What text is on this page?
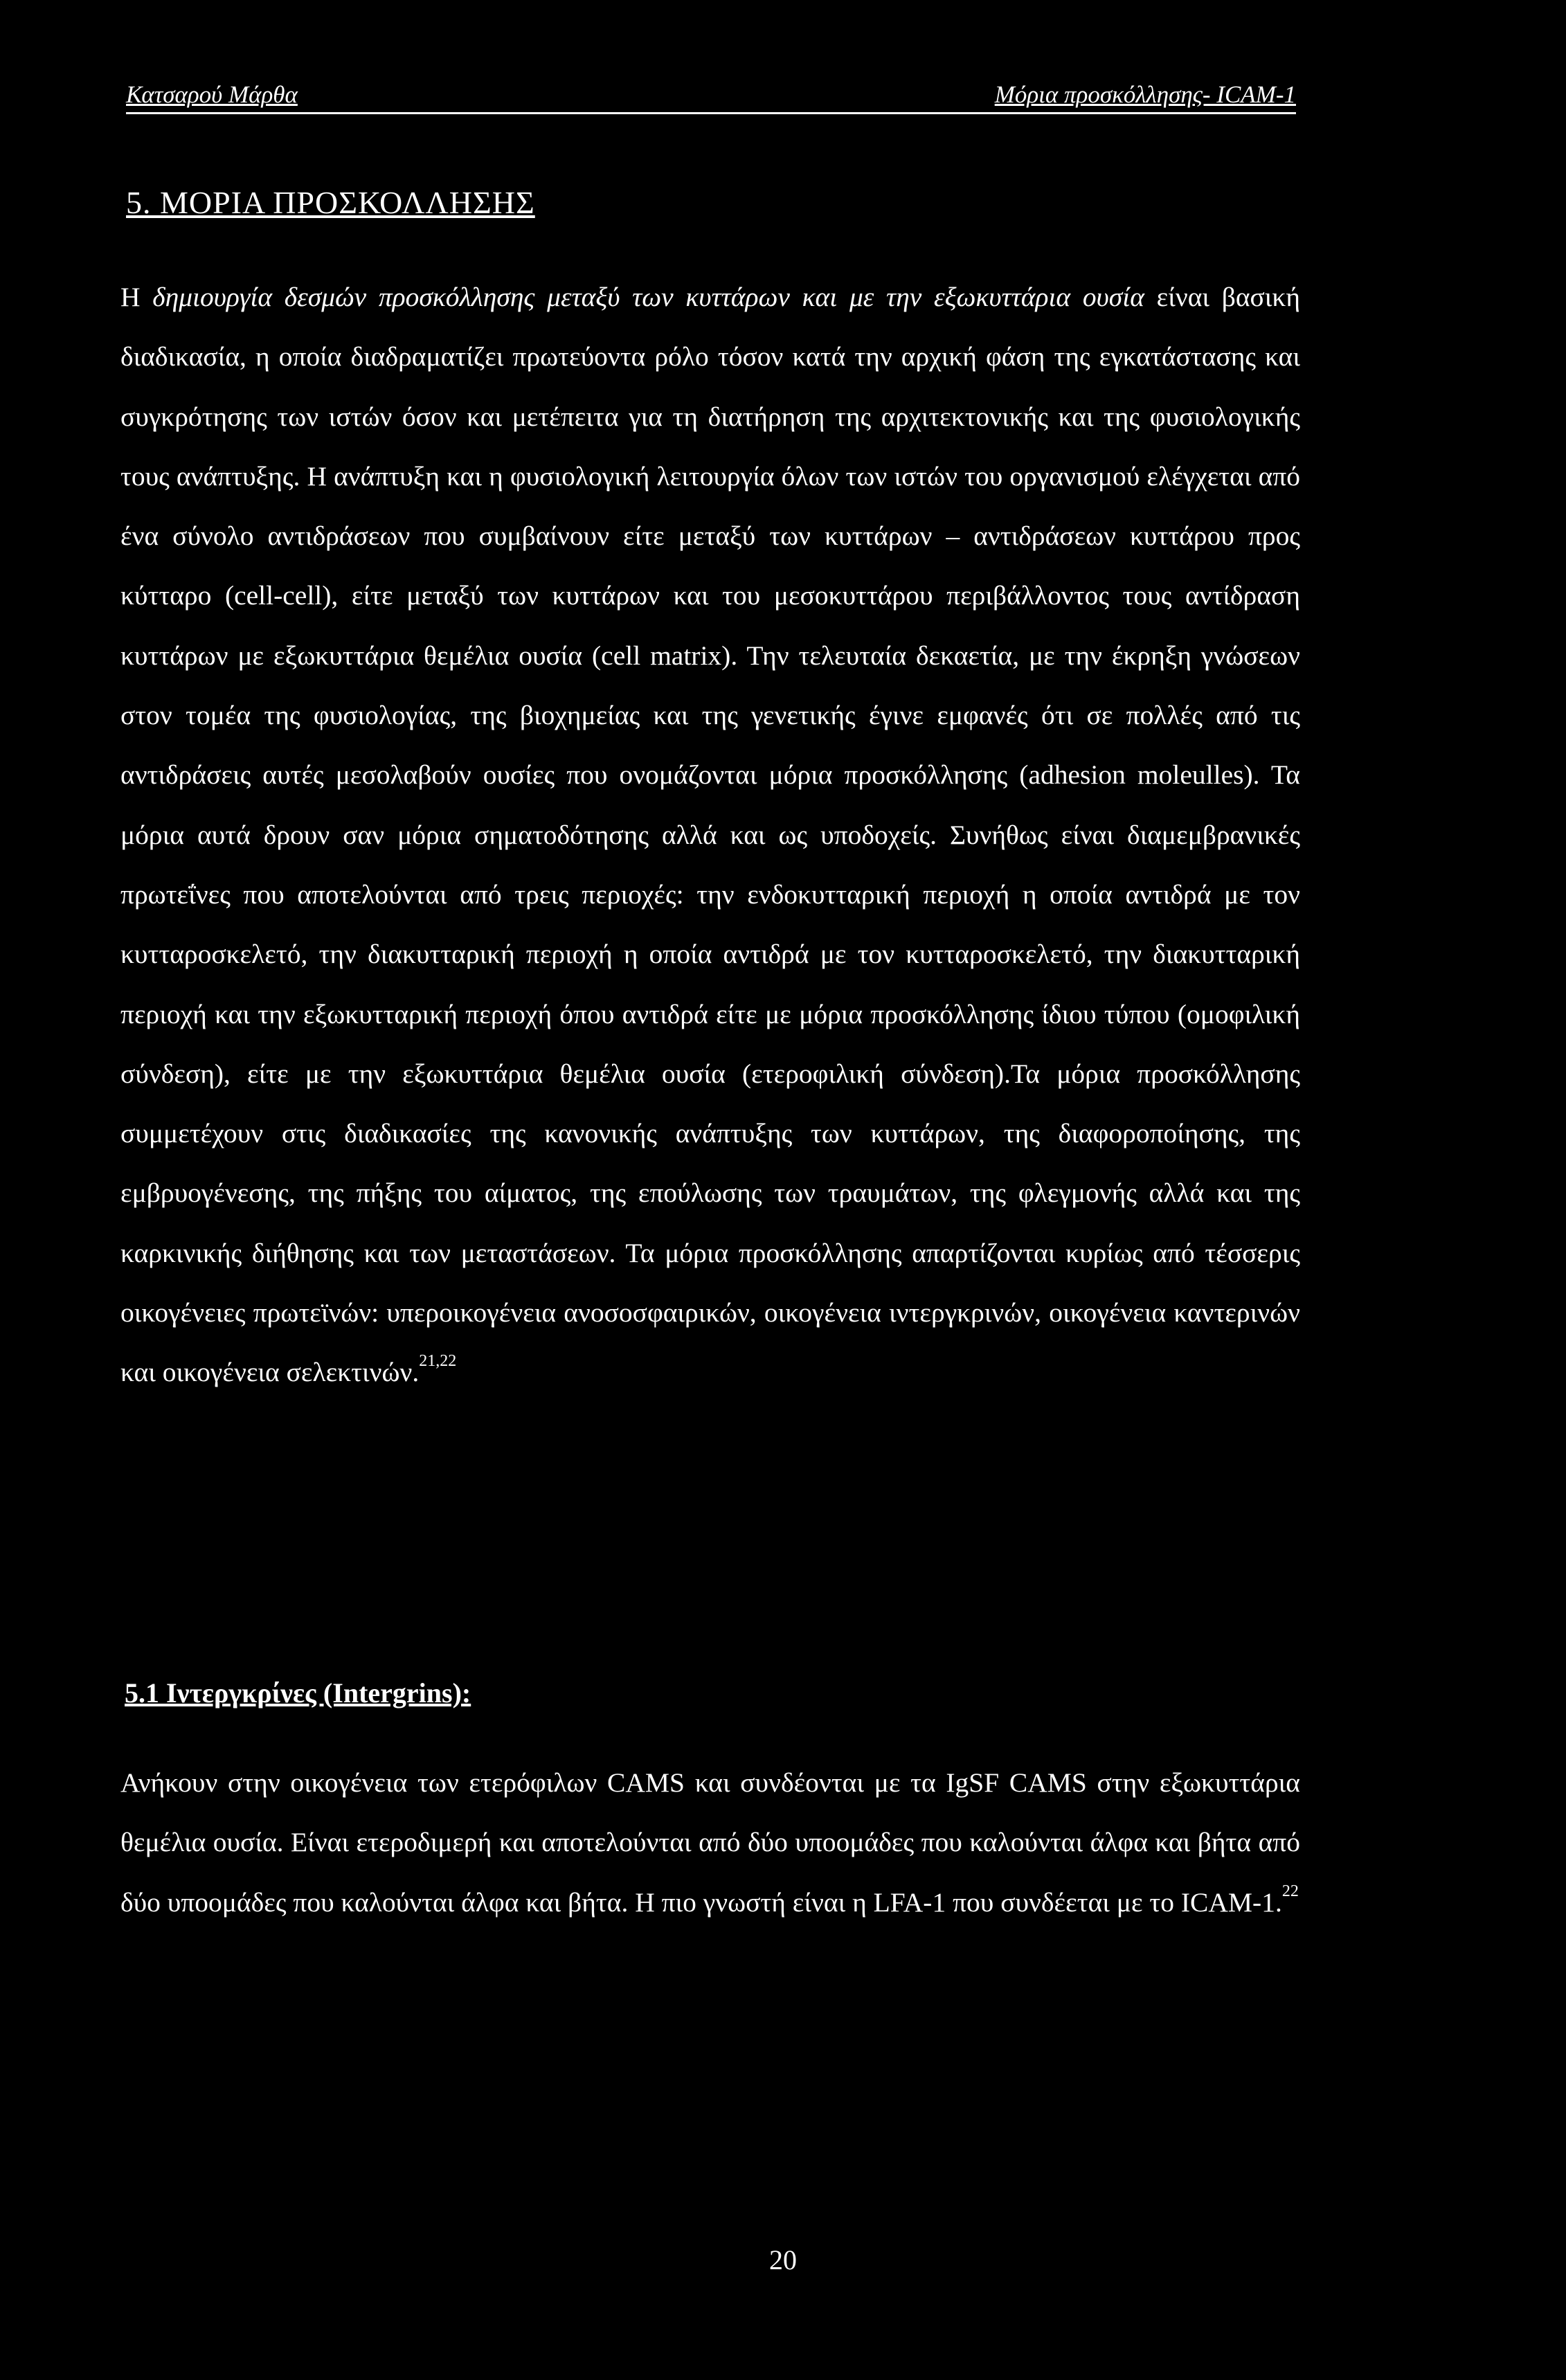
Κατσαρού Μάρθα	Μόρια προσκόλλησης- ICAM-1
5. ΜΟΡΙΑ ΠΡΟΣΚΟΛΛΗΣΗΣ
Η δημιουργία δεσμών προσκόλλησης μεταξύ των κυττάρων και με την εξωκυττάρια ουσία είναι βασική διαδικασία, η οποία διαδραματίζει πρωτεύοντα ρόλο τόσον κατά την αρχική φάση της εγκατάστασης και συγκρότησης των ιστών όσον και μετέπειτα για τη διατήρηση της αρχιτεκτονικής και της φυσιολογικής τους ανάπτυξης. Η ανάπτυξη και η φυσιολογική λειτουργία όλων των ιστών του οργανισμού ελέγχεται από ένα σύνολο αντιδράσεων που συμβαίνουν είτε μεταξύ των κυττάρων – αντιδράσεων κυττάρου προς κύτταρο (cell-cell), είτε μεταξύ των κυττάρων και του μεσοκυττάρου περιβάλλοντος τους αντίδραση κυττάρων με εξωκυττάρια θεμέλια ουσία (cell matrix). Την τελευταία δεκαετία, με την έκρηξη γνώσεων στον τομέα της φυσιολογίας, της βιοχημείας και της γενετικής έγινε εμφανές ότι σε πολλές από τις αντιδράσεις αυτές μεσολαβούν ουσίες που ονομάζονται μόρια προσκόλλησης (adhesion moleulles). Τα μόρια αυτά δρουν σαν μόρια σηματοδότησης αλλά και ως υποδοχείς. Συνήθως είναι διαμεμβρανικές πρωτεΐνες που αποτελούνται από τρεις περιοχές: την ενδοκυτταρική περιοχή η οποία αντιδρά με τον κυτταροσκελετό, την διακυτταρική περιοχή η οποία αντιδρά με τον κυτταροσκελετό, την διακυτταρική περιοχή και την εξωκυτταρική περιοχή όπου αντιδρά είτε με μόρια προσκόλλησης ίδιου τύπου (ομοφιλική σύνδεση), είτε με την εξωκυττάρια θεμέλια ουσία (ετεροφιλική σύνδεση).Τα μόρια προσκόλλησης συμμετέχουν στις διαδικασίες της κανονικής ανάπτυξης των κυττάρων, της διαφοροποίησης, της εμβρυογένεσης, της πήξης του αίματος, της επούλωσης των τραυμάτων, της φλεγμονής αλλά και της καρκινικής διήθησης και των μεταστάσεων. Τα μόρια προσκόλλησης απαρτίζονται κυρίως από τέσσερις οικογένειες πρωτεϊνών: υπεροικογένεια ανοσοσφαιρικών, οικογένεια ιντεργκρινών, οικογένεια καντερινών και οικογένεια σελεκτινών.$^{21,22}$
5.1 Ιντεργκρίνες (Intergrins):
Ανήκουν στην οικογένεια των ετερόφιλων CAMS και συνδέονται με τα IgSF CAMS στην εξωκυττάρια θεμέλια ουσία. Είναι ετεροδιμερή και αποτελούνται από δύο υποομάδες που καλούνται άλφα και βήτα από δύο υποομάδες που καλούνται άλφα και βήτα. Η πιο γνωστή είναι η LFA-1 που συνδέεται με το ICAM-1.22
20
